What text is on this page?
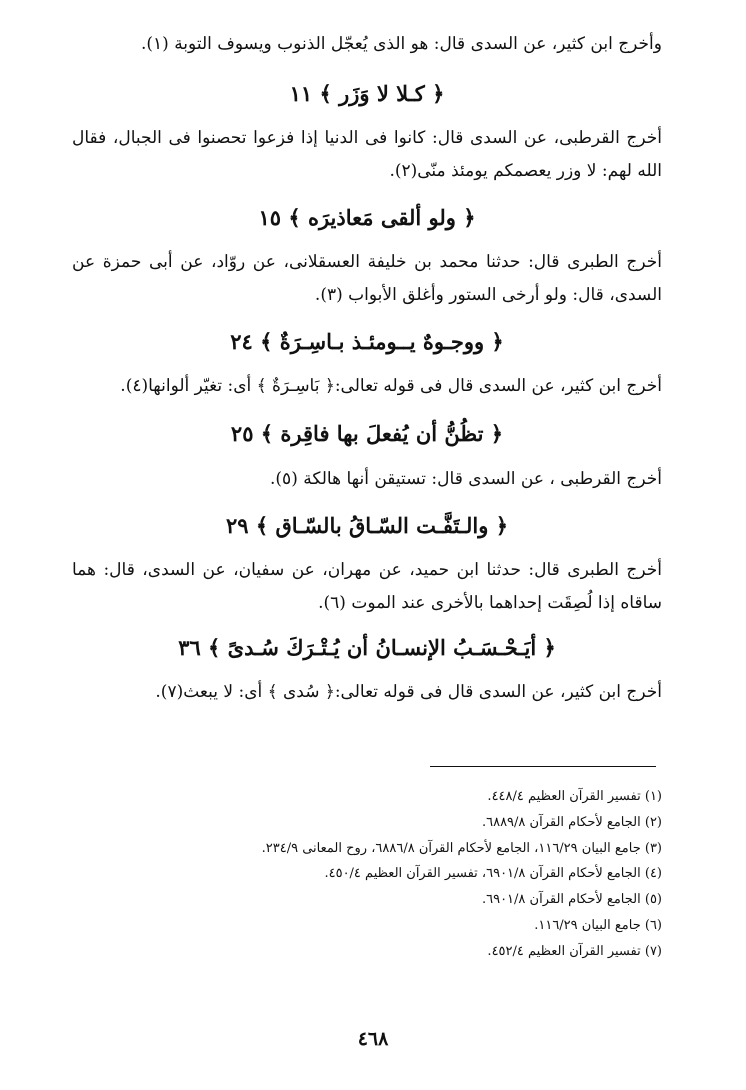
وأخرج ابن كثير، عن السدى قال: هو الذى يُعجّل الذنوب ويسوف التوبة (١).
﴿ كـلا لا وَزَر ﴾ ١١
أخرج القرطبى، عن السدى قال: كانوا فى الدنيا إذا فزعوا تحصنوا فى الجبال، فقال الله لهم: لا وزر يعصمكم يومئذ منّى(٢).
﴿ ولو ألقى مَعاذيرَه ﴾ ١٥
أخرج الطبرى قال: حدثنا محمد بن خليفة العسقلانى، عن روّاد، عن أبى حمزة عن السدى، قال: ولو أرخى الستور وأغلق الأبواب (٣).
﴿ ووجـوهٌ يــومئـذ بـاسِـرَةٌ ﴾ ٢٤
أخرج ابن كثير، عن السدى قال فى قوله تعالى:﴿ بَاسِـرَةٌ ﴾ أى: تغيّر ألوانها(٤).
﴿ تظُنُّ أن يُفعلَ بها فاقِرة ﴾ ٢٥
أخرج القرطبى ، عن السدى قال: تستيقن أنها هالكة (٥).
﴿ والـتَفَّـت السّـاقُ بالسّـاق ﴾ ٢٩
أخرج الطبرى قال: حدثنا ابن حميد، عن مهران، عن سفيان، عن السدى، قال: هما ساقاه إذا لُصِقَت إحداهما بالأخرى عند الموت (٦).
﴿ أيَـحْـسَـبُ الإنسـانُ أن يُـتْـرَكَ سُـدىً ﴾ ٣٦
أخرج ابن كثير، عن السدى قال فى قوله تعالى:﴿ سُدى ﴾ أى: لا يبعث(٧).
(١) تفسير القرآن العظيم ٤٤٨/٤.
(٢) الجامع لأحكام القرآن ٦٨٨٩/٨.
(٣) جامع البيان ١١٦/٢٩، الجامع لأحكام القرآن ٦٨٨٦/٨، روح المعانى ٢٣٤/٩.
(٤) الجامع لأحكام القرآن ٦٩٠١/٨، تفسير القرآن العظيم ٤٥٠/٤.
(٥) الجامع لأحكام القرآن ٦٩٠١/٨.
(٦) جامع البيان ١١٦/٢٩.
(٧) تفسير القرآن العظيم ٤٥٢/٤.
٤٦٨
